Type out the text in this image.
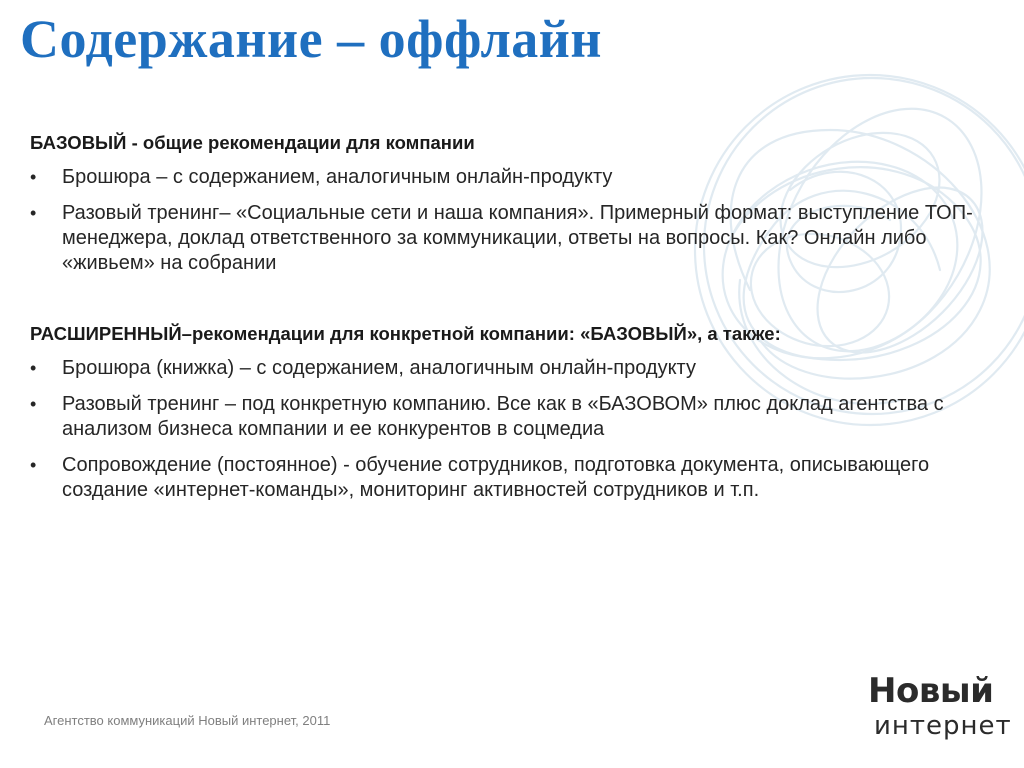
Содержание – оффлайн

БАЗОВЫЙ - общие рекомендации для компании

• Брошюра – с содержанием, аналогичным онлайн-продукту
• Разовый тренинг– «Социальные сети и наша компания». Примерный формат: выступление ТОП-менеджера, доклад ответственного за коммуникации, ответы на вопросы. Как? Онлайн либо «живьем» на собрании

РАСШИРЕННЫЙ–рекомендации для конкретной компании: «БАЗОВЫЙ», а также:

• Брошюра (книжка) – с содержанием, аналогичным онлайн-продукту
• Разовый тренинг – под конкретную компанию. Все как в «БАЗОВОМ» плюс доклад агентства с анализом бизнеса компании и ее конкурентов в соцмедиа
• Сопровождение (постоянное) - обучение сотрудников, подготовка документа, описывающего создание «интернет-команды», мониторинг активностей сотрудников и т.п.
Агентство коммуникаций Новый интернет, 2011
Новый
интернет
